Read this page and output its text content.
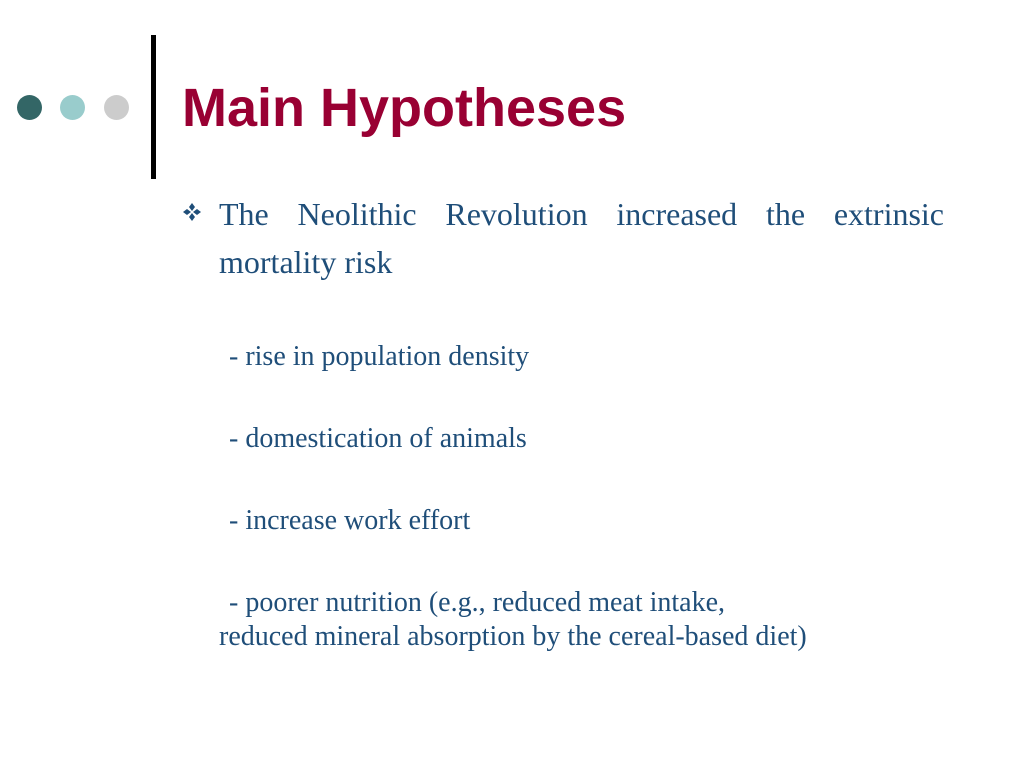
Main Hypotheses

The Neolithic Revolution increased the extrinsic mortality risk

- rise in population density
- domestication of animals
- increase work effort
- poorer nutrition (e.g., reduced meat intake,
reduced mineral absorption by the cereal-based diet)
